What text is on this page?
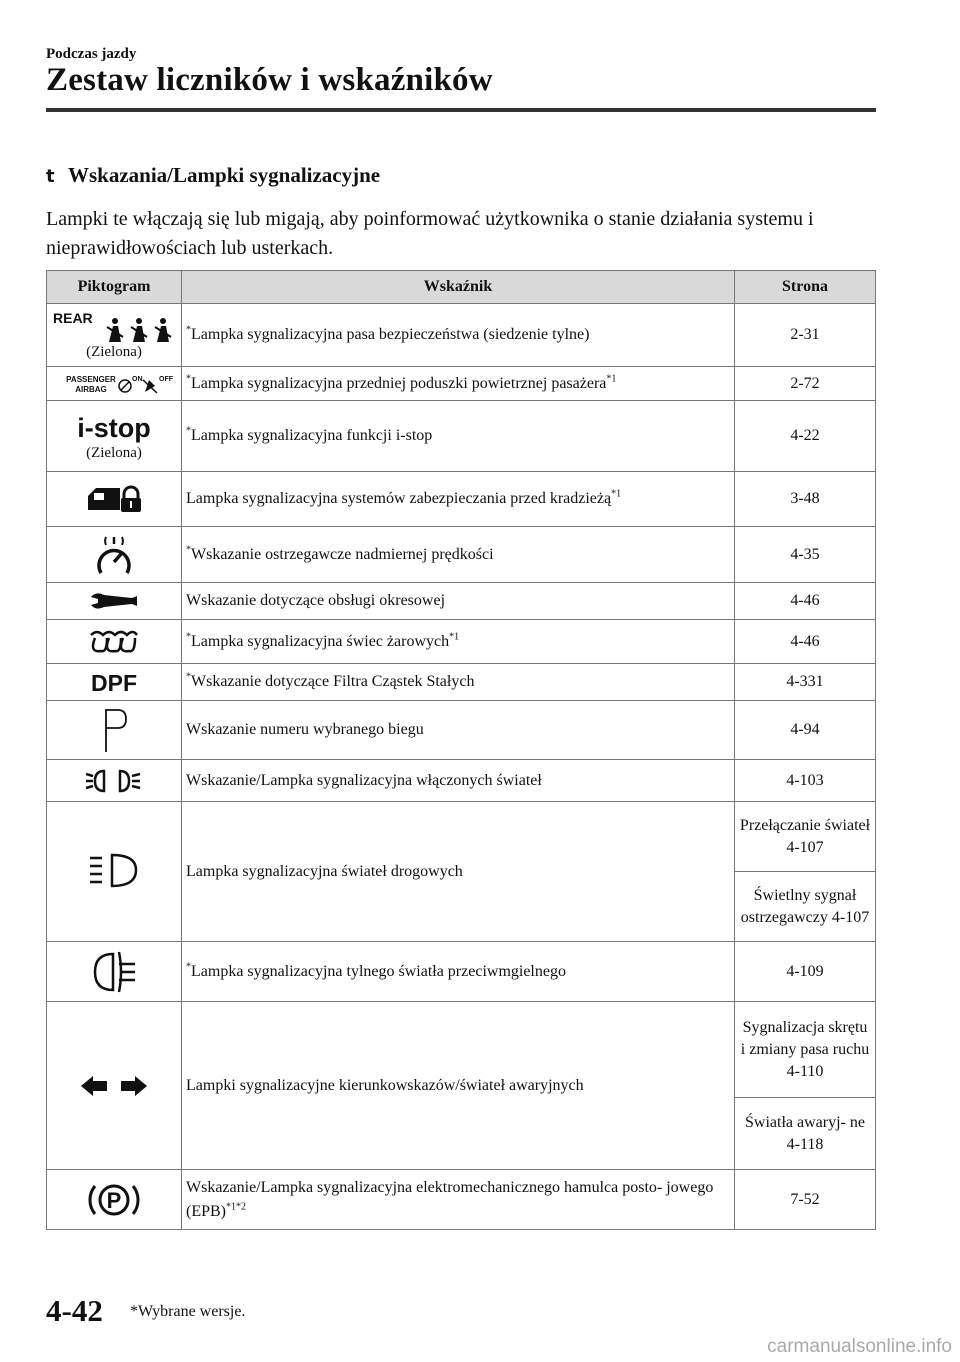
Podczas jazdy
Zestaw liczników i wskaźników
t Wskazania/Lampki sygnalizacyjne
Lampki te włączają się lub migają, aby poinformować użytkownika o stanie działania systemu i nieprawidłowościach lub usterkach.
Piktogram	Wskaźnik	Strona

REAR
(Zielona)	*Lampka sygnalizacyjna pasa bezpieczeństwa (siedzenie tylne)	2-31

PASSENGER
AIRBAG
ON OFF	*Lampka sygnalizacyjna przedniej poduszki powietrznej pasażera$^{*1}$	2-72

i-stop
(Zielona)	*Lampka sygnalizacyjna funkcji i-stop	4-22

	Lampka sygnalizacyjna systemów zabezpieczania przed kradzieżą$^{*1}$	3-48

	*Wskazanie ostrzegawcze nadmiernej prędkości	4-35

	Wskazanie dotyczące obsługi okresowej	4-46

	*Lampka sygnalizacyjna świec żarowych$^{*1}$	4-46

DPF	*Wskazanie dotyczące Filtra Cząstek Stałych	4-331

	Wskazanie numeru wybranego biegu	4-94

	Wskazanie/Lampka sygnalizacyjna włączonych świateł	4-103

	Lampka sygnalizacyjna świateł drogowych	Przełączanie świateł 4-107
		Świetlny sygnał ostrzegawczy 4-107

	*Lampka sygnalizacyjna tylnego światła przeciwmgielnego	4-109

	Lampki sygnalizacyjne kierunkowskazów/świateł awaryjnych	Sygnalizacja skrętu i zmiany pasa ruchu 4-110
		Światła awaryj- ne 4-118

P	Wskazanie/Lampka sygnalizacyjna elektromechanicznego hamulca posto- jowego (EPB)$^{*1*2}$	7-52
4-42 *Wybrane wersje.
carmanualsonline.info
